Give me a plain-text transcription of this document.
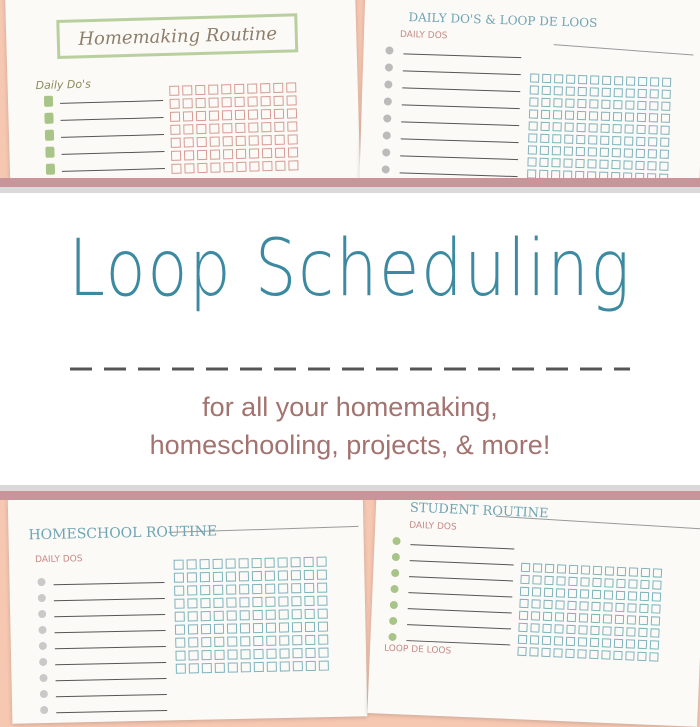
Homemaking Routine
Daily Do's
DAILY DO'S & LOOP DE LOOS
DAILY DOS
HOMESCHOOL ROUTINE
DAILY DOS
STUDENT ROUTINE
DAILY DOS
LOOP DE LOOS
Loop Scheduling
for all your homemaking,
homeschooling, projects, & more!
